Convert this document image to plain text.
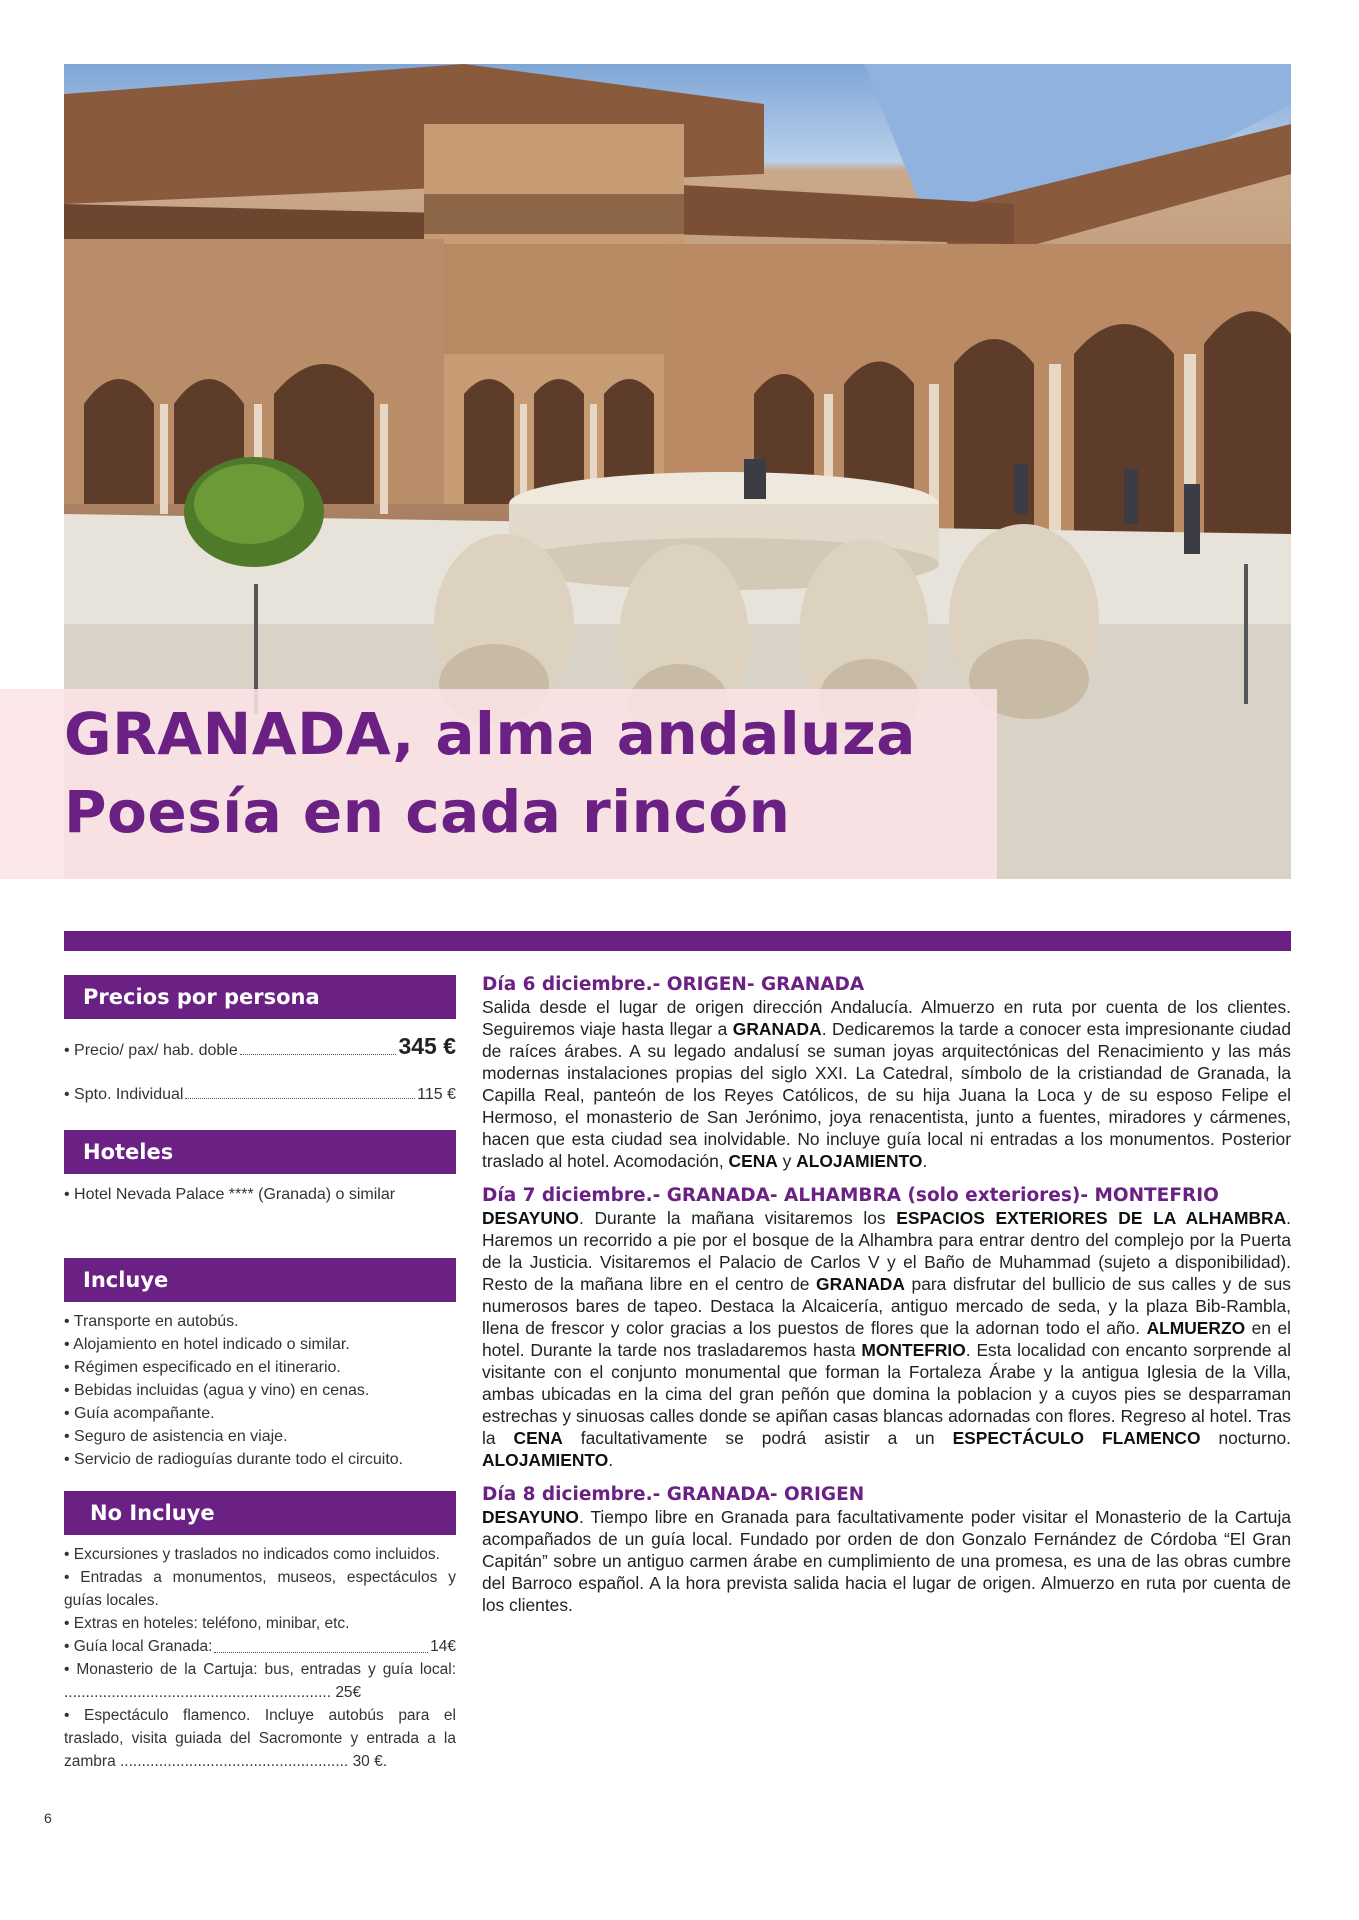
GRANADA, alma andaluza
Poesía en cada rincón
Precios por persona
• Precio/ pax/ hab. doble	345 €
• Spto. Individual	115 €
Hoteles
• Hotel Nevada Palace **** (Granada) o similar
Incluye
• Transporte en autobús.
• Alojamiento en hotel indicado o similar.
• Régimen especificado en el itinerario.
• Bebidas incluidas (agua y vino) en cenas.
• Guía acompañante.
• Seguro de asistencia en viaje.
• Servicio de radioguías durante todo el circuito.
No Incluye
• Excursiones y traslados no indicados como incluidos.
• Entradas a monumentos, museos, espectáculos y guías locales.
• Extras en hoteles: teléfono, minibar, etc.
• Guía local Granada:	14€
• Monasterio de la Cartuja: bus, entradas y guía local: .............................................................. 25€
• Espectáculo flamenco. Incluye autobús para el traslado, visita guiada del Sacromonte y entrada a la zambra ..................................................... 30 €.
Día 6 diciembre.- ORIGEN- GRANADA

Salida desde el lugar de origen dirección Andalucía. Almuerzo en ruta por cuenta de los clientes. Seguiremos viaje hasta llegar a GRANADA. Dedicaremos la tarde a conocer esta impresionante ciudad de raíces árabes. A su legado andalusí se suman joyas arquitectónicas del Renacimiento y las más modernas instalaciones propias del siglo XXI. La Catedral, símbolo de la cristiandad de Granada, la Capilla Real, panteón de los Reyes Católicos, de su hija Juana la Loca y de su esposo Felipe el Hermoso, el monasterio de San Jerónimo, joya renacentista, junto a fuentes, miradores y cármenes, hacen que esta ciudad sea inolvidable. No incluye guía local ni entradas a los monumentos. Posterior traslado al hotel. Acomodación, CENA y ALOJAMIENTO.

Día 7 diciembre.- GRANADA- ALHAMBRA (solo exteriores)- MONTEFRIO

DESAYUNO. Durante la mañana visitaremos los ESPACIOS EXTERIORES DE LA ALHAMBRA. Haremos un recorrido a pie por el bosque de la Alhambra para entrar dentro del complejo por la Puerta de la Justicia. Visitaremos el Palacio de Carlos V y el Baño de Muhammad (sujeto a disponibilidad). Resto de la mañana libre en el centro de GRANADA para disfrutar del bullicio de sus calles y de sus numerosos bares de tapeo. Destaca la Alcaicería, antiguo mercado de seda, y la plaza Bib-Rambla, llena de frescor y color gracias a los puestos de flores que la adornan todo el año. ALMUERZO en el hotel. Durante la tarde nos trasladaremos hasta MONTEFRIO. Esta localidad con encanto sorprende al visitante con el conjunto monumental que forman la Fortaleza Árabe y la antigua Iglesia de la Villa, ambas ubicadas en la cima del gran peñón que domina la poblacion y a cuyos pies se desparraman estrechas y sinuosas calles donde se apiñan casas blancas adornadas con flores. Regreso al hotel. Tras la CENA facultativamente se podrá asistir a un ESPECTÁCULO FLAMENCO nocturno. ALOJAMIENTO.

Día 8 diciembre.- GRANADA- ORIGEN

DESAYUNO. Tiempo libre en Granada para facultativamente poder visitar el Monasterio de la Cartuja acompañados de un guía local. Fundado por orden de don Gonzalo Fernández de Córdoba “El Gran Capitán” sobre un antiguo carmen árabe en cumplimiento de una promesa, es una de las obras cumbre del Barroco español. A la hora prevista salida hacia el lugar de origen. Almuerzo en ruta por cuenta de los clientes.

6
